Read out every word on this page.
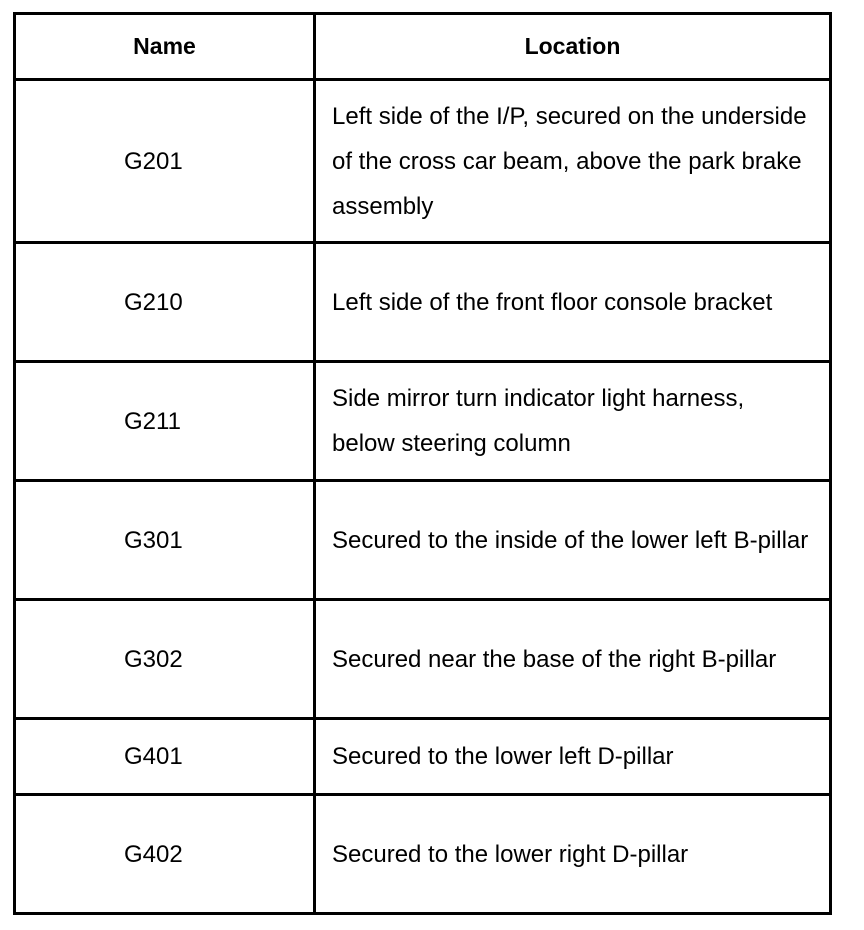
Name	Location
G201	Left side of the I/P, secured on the underside of the cross car beam, above the park brake assembly
G210	Left side of the front floor console bracket
G211	Side mirror turn indicator light harness, below steering column
G301	Secured to the inside of the lower left B-pillar
G302	Secured near the base of the right B-pillar
G401	Secured to the lower left D-pillar
G402	Secured to the lower right D-pillar
